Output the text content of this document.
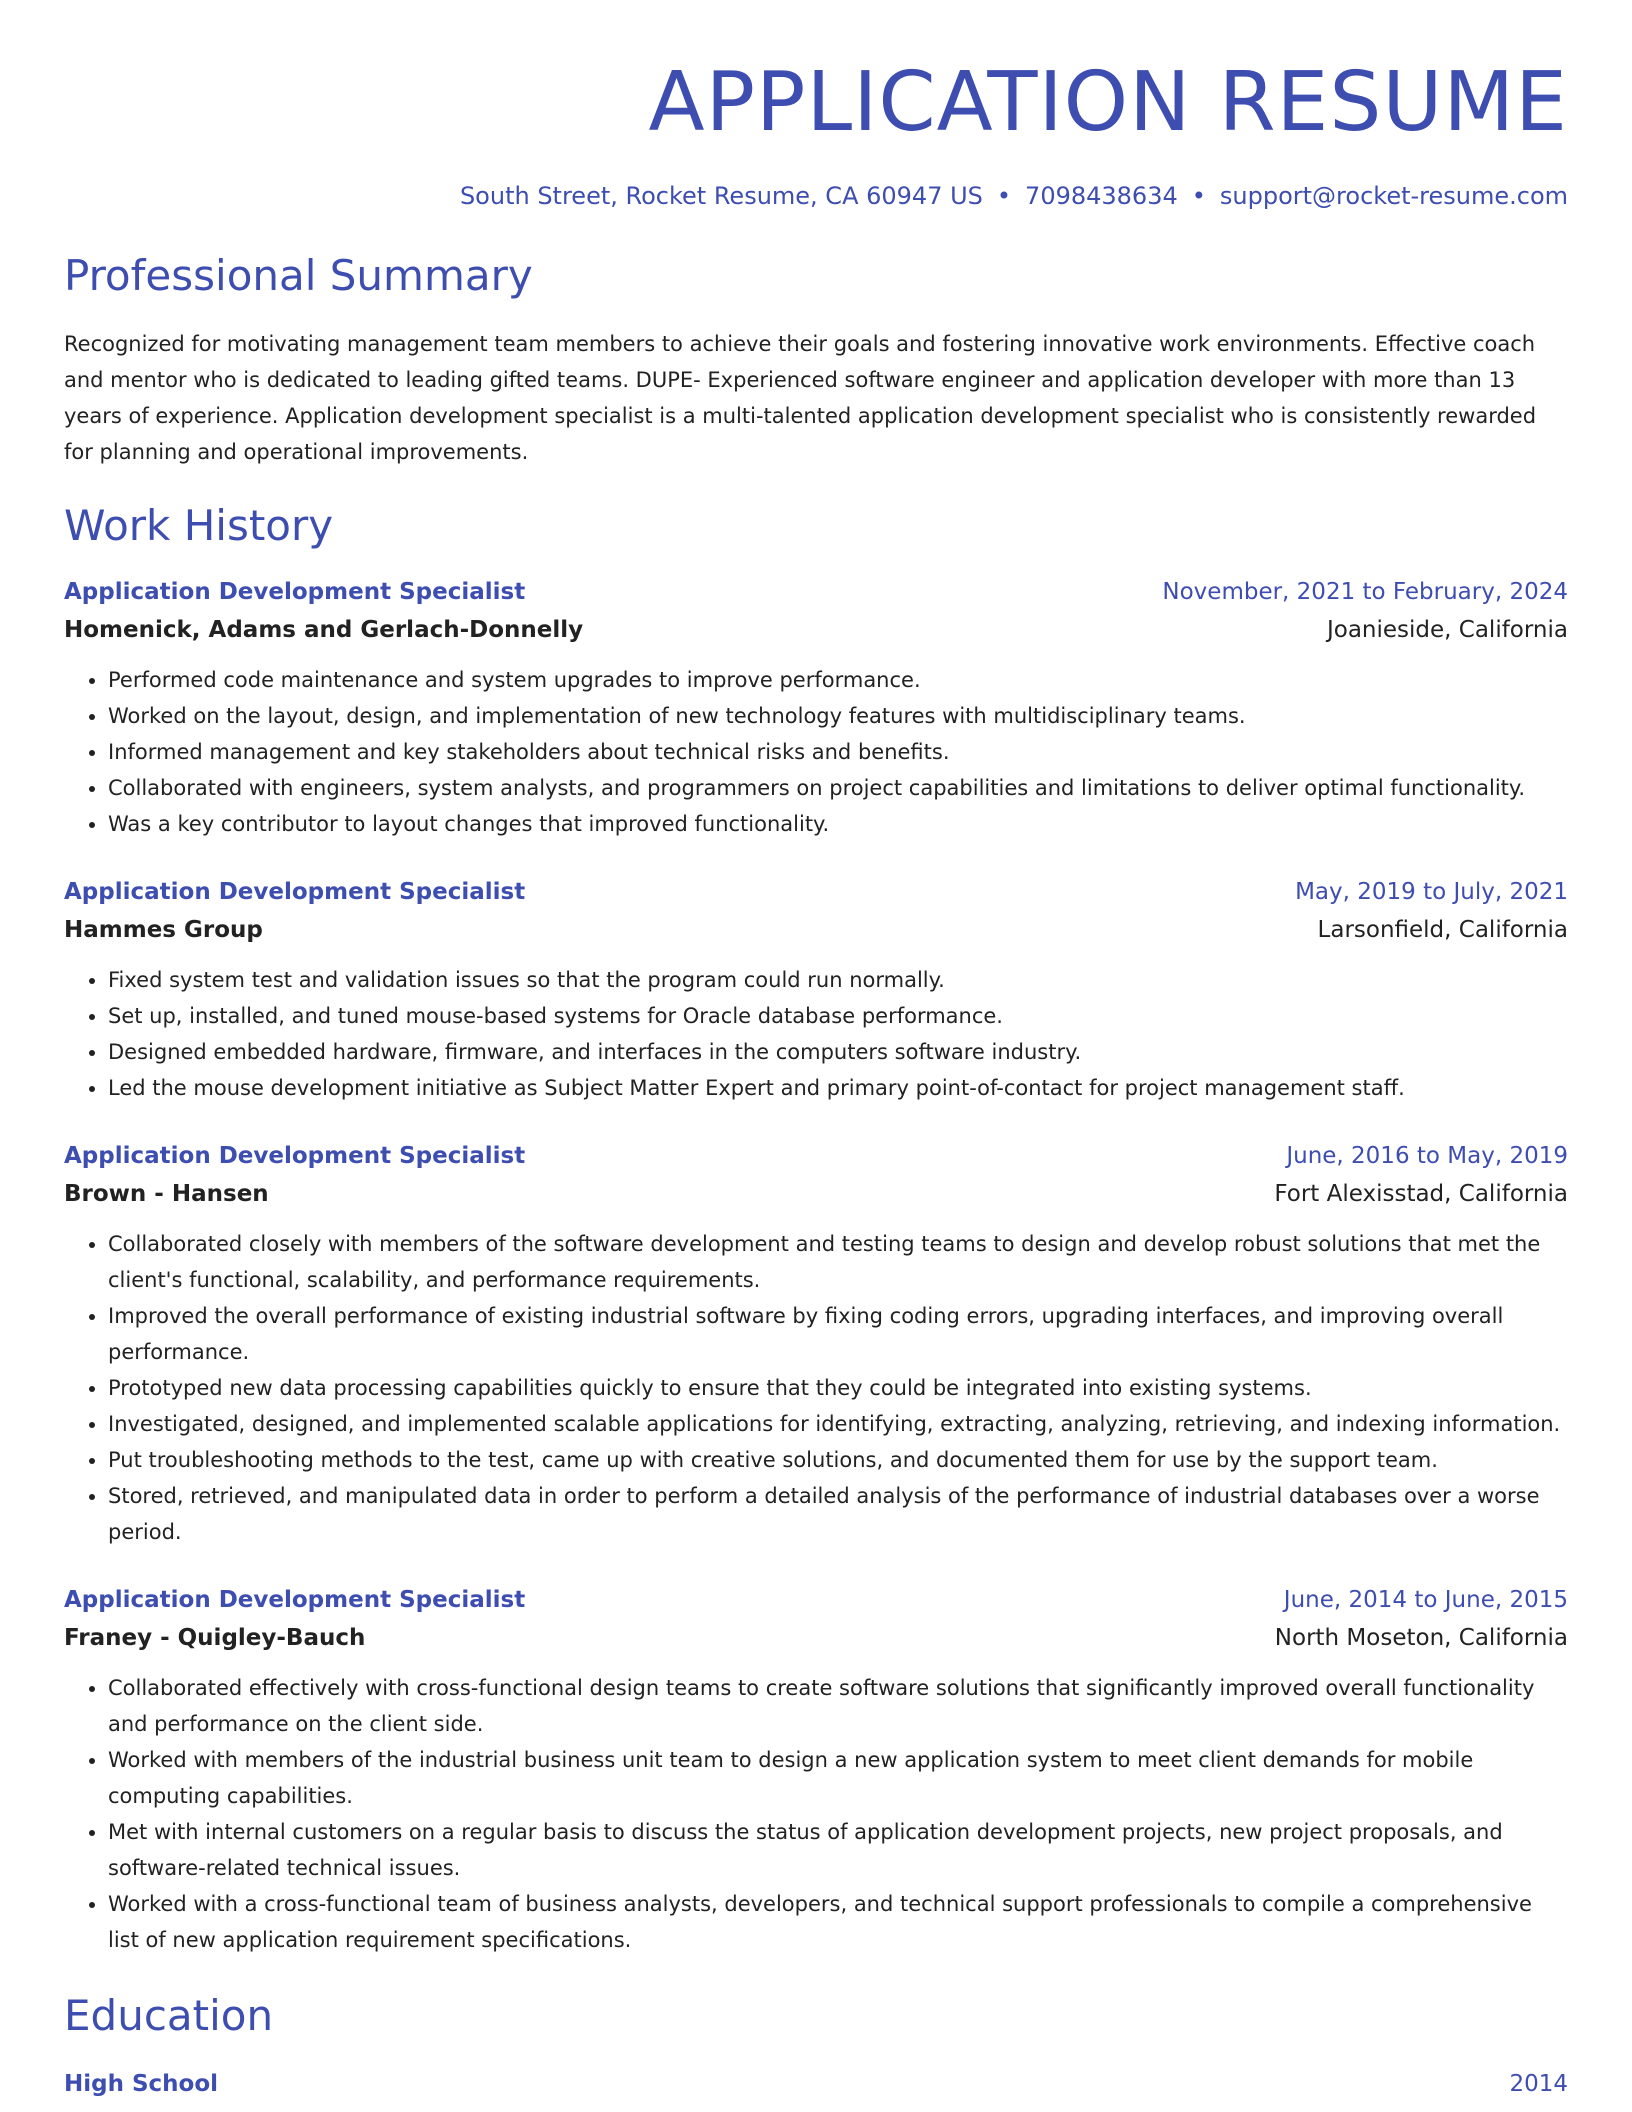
APPLICATION RESUME
South Street, Rocket Resume, CA 60947 US • 7098438634 • support@rocket-resume.com
Professional Summary
Recognized for motivating management team members to achieve their goals and fostering innovative work environments. Effective coach and mentor who is dedicated to leading gifted teams. DUPE- Experienced software engineer and application developer with more than 13 years of experience. Application development specialist is a multi-talented application development specialist who is consistently rewarded for planning and operational improvements.
Work History
Application Development Specialist	November, 2021 to February, 2024
Homenick, Adams and Gerlach-Donnelly	Joanieside, California
• Performed code maintenance and system upgrades to improve performance.
• Worked on the layout, design, and implementation of new technology features with multidisciplinary teams.
• Informed management and key stakeholders about technical risks and benefits.
• Collaborated with engineers, system analysts, and programmers on project capabilities and limitations to deliver optimal functionality.
• Was a key contributor to layout changes that improved functionality.
Application Development Specialist	May, 2019 to July, 2021
Hammes Group	Larsonfield, California
• Fixed system test and validation issues so that the program could run normally.
• Set up, installed, and tuned mouse-based systems for Oracle database performance.
• Designed embedded hardware, firmware, and interfaces in the computers software industry.
• Led the mouse development initiative as Subject Matter Expert and primary point-of-contact for project management staff.
Application Development Specialist	June, 2016 to May, 2019
Brown - Hansen	Fort Alexisstad, California
• Collaborated closely with members of the software development and testing teams to design and develop robust solutions that met the client's functional, scalability, and performance requirements.
• Improved the overall performance of existing industrial software by fixing coding errors, upgrading interfaces, and improving overall performance.
• Prototyped new data processing capabilities quickly to ensure that they could be integrated into existing systems.
• Investigated, designed, and implemented scalable applications for identifying, extracting, analyzing, retrieving, and indexing information.
• Put troubleshooting methods to the test, came up with creative solutions, and documented them for use by the support team.
• Stored, retrieved, and manipulated data in order to perform a detailed analysis of the performance of industrial databases over a worse period.
Application Development Specialist	June, 2014 to June, 2015
Franey - Quigley-Bauch	North Moseton, California
• Collaborated effectively with cross-functional design teams to create software solutions that significantly improved overall functionality and performance on the client side.
• Worked with members of the industrial business unit team to design a new application system to meet client demands for mobile computing capabilities.
• Met with internal customers on a regular basis to discuss the status of application development projects, new project proposals, and software-related technical issues.
• Worked with a cross-functional team of business analysts, developers, and technical support professionals to compile a comprehensive list of new application requirement specifications.
Education
High School	2014
